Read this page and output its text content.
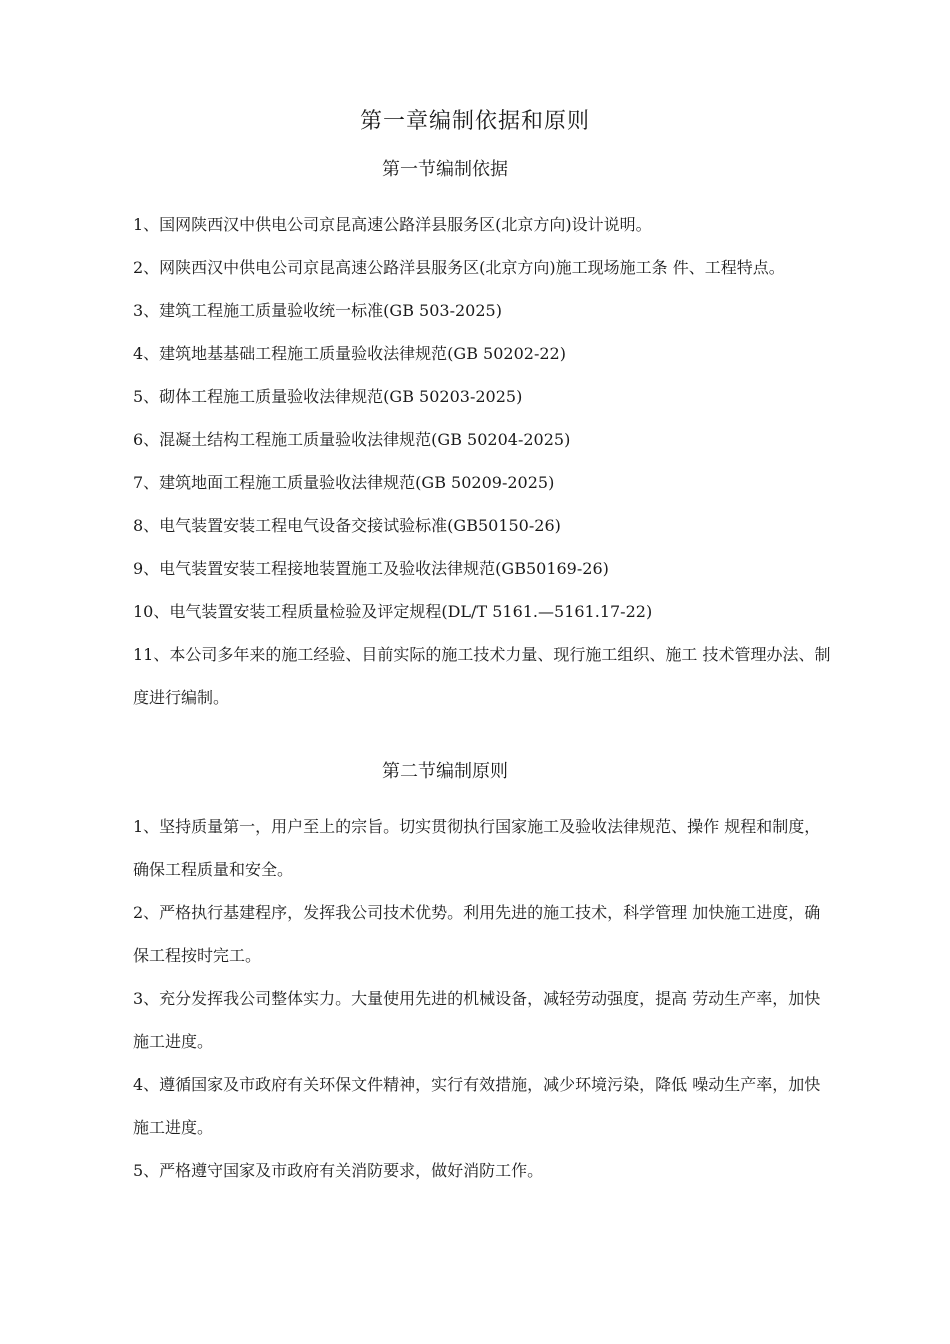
第一章编制依据和原则
第一节编制依据
1、国网陕西汉中供电公司京昆高速公路洋县服务区(北京方向)设计说明。
2、网陕西汉中供电公司京昆高速公路洋县服务区(北京方向)施工现场施工条 件、工程特点。
3、建筑工程施工质量验收统一标准(GB 503-2025)
4、建筑地基基础工程施工质量验收法律规范(GB 50202-22)
5、砌体工程施工质量验收法律规范(GB 50203-2025)
6、混凝土结构工程施工质量验收法律规范(GB 50204-2025)
7、建筑地面工程施工质量验收法律规范(GB 50209-2025)
8、电气装置安装工程电气设备交接试验标准(GB50150-26)
9、电气装置安装工程接地装置施工及验收法律规范(GB50169-26)
10、电气装置安装工程质量检验及评定规程(DL/T 5161.—5161.17-22)
11、本公司多年来的施工经验、目前实际的施工技术力量、现行施工组织、施工 技术管理办法、制度进行编制。
第二节编制原则
1、坚持质量第一，用户至上的宗旨。切实贯彻执行国家施工及验收法律规范、操作 规程和制度，确保工程质量和安全。
2、严格执行基建程序，发挥我公司技术优势。利用先进的施工技术，科学管理 加快施工进度，确保工程按时完工。
3、充分发挥我公司整体实力。大量使用先进的机械设备，减轻劳动强度，提高 劳动生产率，加快施工进度。
4、遵循国家及市政府有关环保文件精神，实行有效措施，减少环境污染，降低 噪动生产率，加快施工进度。
5、严格遵守国家及市政府有关消防要求，做好消防工作。
